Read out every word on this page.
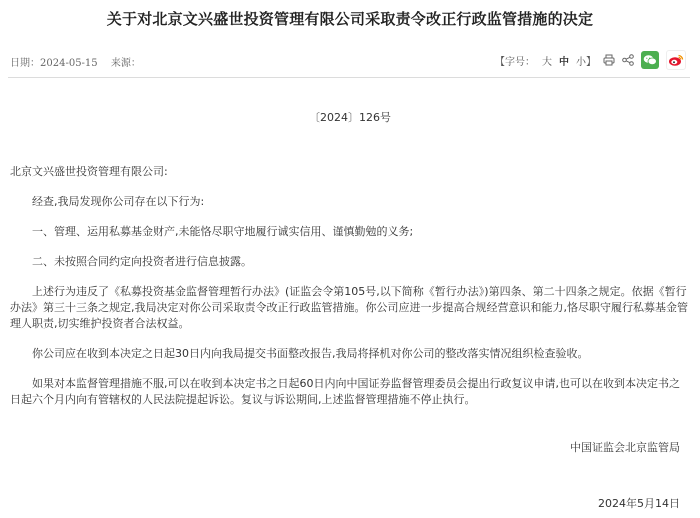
关于对北京文兴盛世投资管理有限公司采取责令改正行政监管措施的决定
日期：2024-05-15 来源：	【字号： 大 中 小】
〔2024〕126号

北京文兴盛世投资管理有限公司:

经查,我局发现你公司存在以下行为:

一、管理、运用私募基金财产,未能恪尽职守地履行诚实信用、谨慎勤勉的义务;

二、未按照合同约定向投资者进行信息披露。

上述行为违反了《私募投资基金监督管理暂行办法》(证监会令第105号,以下简称《暂行办法》)第四条、第二十四条之规定。依据《暂行办法》第三十三条之规定,我局决定对你公司采取责令改正行政监管措施。你公司应进一步提高合规经营意识和能力,恪尽职守履行私募基金管理人职责,切实维护投资者合法权益。

你公司应在收到本决定之日起30日内向我局提交书面整改报告,我局将择机对你公司的整改落实情况组织检查验收。

如果对本监督管理措施不服,可以在收到本决定书之日起60日内向中国证券监督管理委员会提出行政复议申请,也可以在收到本决定书之日起六个月内向有管辖权的人民法院提起诉讼。复议与诉讼期间,上述监督管理措施不停止执行。

中国证监会北京监管局
2024年5月14日
